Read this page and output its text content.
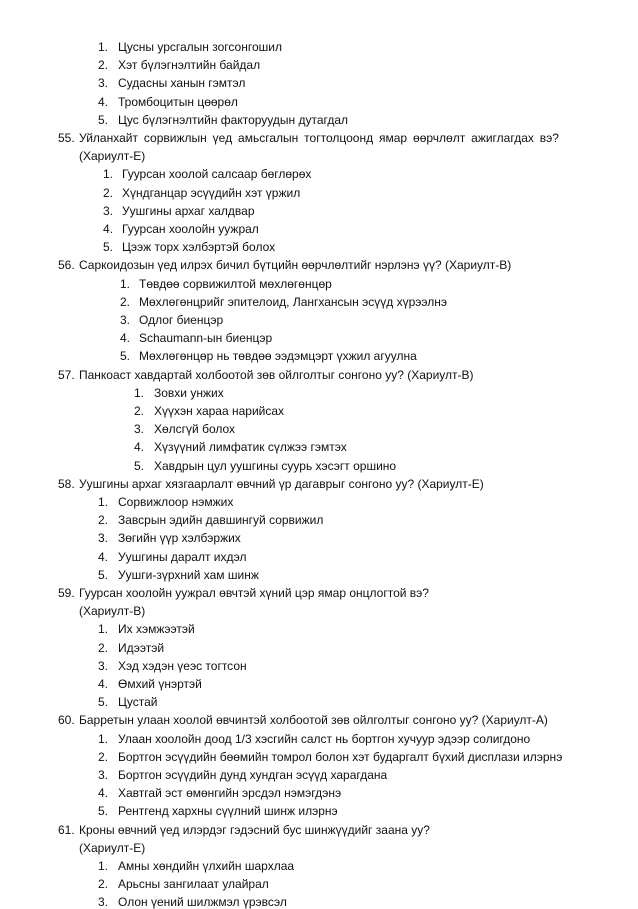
1. Цусны урсгалын зогсонгошил
2. Хэт бүлэгнэлтийн байдал
3. Судасны ханын гэмтэл
4. Тромбоцитын цөөрөл
5. Цус бүлэгнэлтийн факторуудын дутагдал
55. Уйланхайт сорвижлын үед амьсгалын тогтолцоонд ямар өөрчлөлт ажиглагдах вэ?
(Хариулт-Е)
1. Гуурсан хоолой салсаар бөглөрөх
2. Хүндганцар эсүүдийн хэт үржил
3. Уушгины архаг халдвар
4. Гуурсан хоолойн уужрал
5. Цээж торх хэлбэртэй болох
56. Саркоидозын үед илрэх бичил бүтцийн өөрчлөлтийг нэрлэнэ үү? (Хариулт-В)
1. Төвдөө сорвижилтой мөхлөгөнцөр
2. Мөхлөгөнцрийг эпителоид, Лангхансын эсүүд хүрээлнэ
3. Одлог биенцэр
4. Schaumann-ын биенцэр
5. Мөхлөгөнцөр нь төвдөө ээдэмцэрт үхжил агуулна
57. Панкоаст хавдартай холбоотой зөв ойлголтыг сонгоно уу? (Хариулт-В)
1. Зовхи унжих
2. Хүүхэн хараа нарийсах
3. Хөлсгүй болох
4. Хүзүүний лимфатик сүлжээ гэмтэх
5. Хавдрын цул уушгины суурь хэсэгт оршино
58. Уушгины архаг хязгаарлалт өвчний үр дагаврыг сонгоно уу? (Хариулт-Е)
1. Сорвижлоор нэмжих
2. Завсрын эдийн давшингуй сорвижил
3. Зөгийн үүр хэлбэржих
4. Уушгины даралт ихдэл
5. Уушги-зүрхний хам шинж
59. Гуурсан хоолойн уужрал өвчтэй хүний цэр ямар онцлогтой вэ?
(Хариулт-В)
1. Их хэмжээтэй
2. Идээтэй
3. Хэд хэдэн үеэс тогтсон
4. Өмхий үнэртэй
5. Цустай
60. Барретын улаан хоолой өвчинтэй холбоотой зөв ойлголтыг сонгоно уу? (Хариулт-А)
1. Улаан хоолойн доод 1/3 хэсгийн салст нь бортгон хучуур эдээр солигдоно
2. Бортгон эсүүдийн бөөмийн томрол болон хэт бударгалт бүхий дисплази илэрнэ
3. Бортгон эсүүдийн дунд хундган эсүүд харагдана
4. Хавтгай эст өмөнгийн эрсдэл нэмэгдэнэ
5. Рентгенд хархны сүүлний шинж илэрнэ
61. Кроны өвчний үед илэрдэг гэдэсний бус шинжүүдийг заана уу?
(Хариулт-Е)
1. Амны хөндийн үлхийн шархлаа
2. Арьсны зангилаат улайрал
3. Олон үений шилжмэл үрэвсэл
